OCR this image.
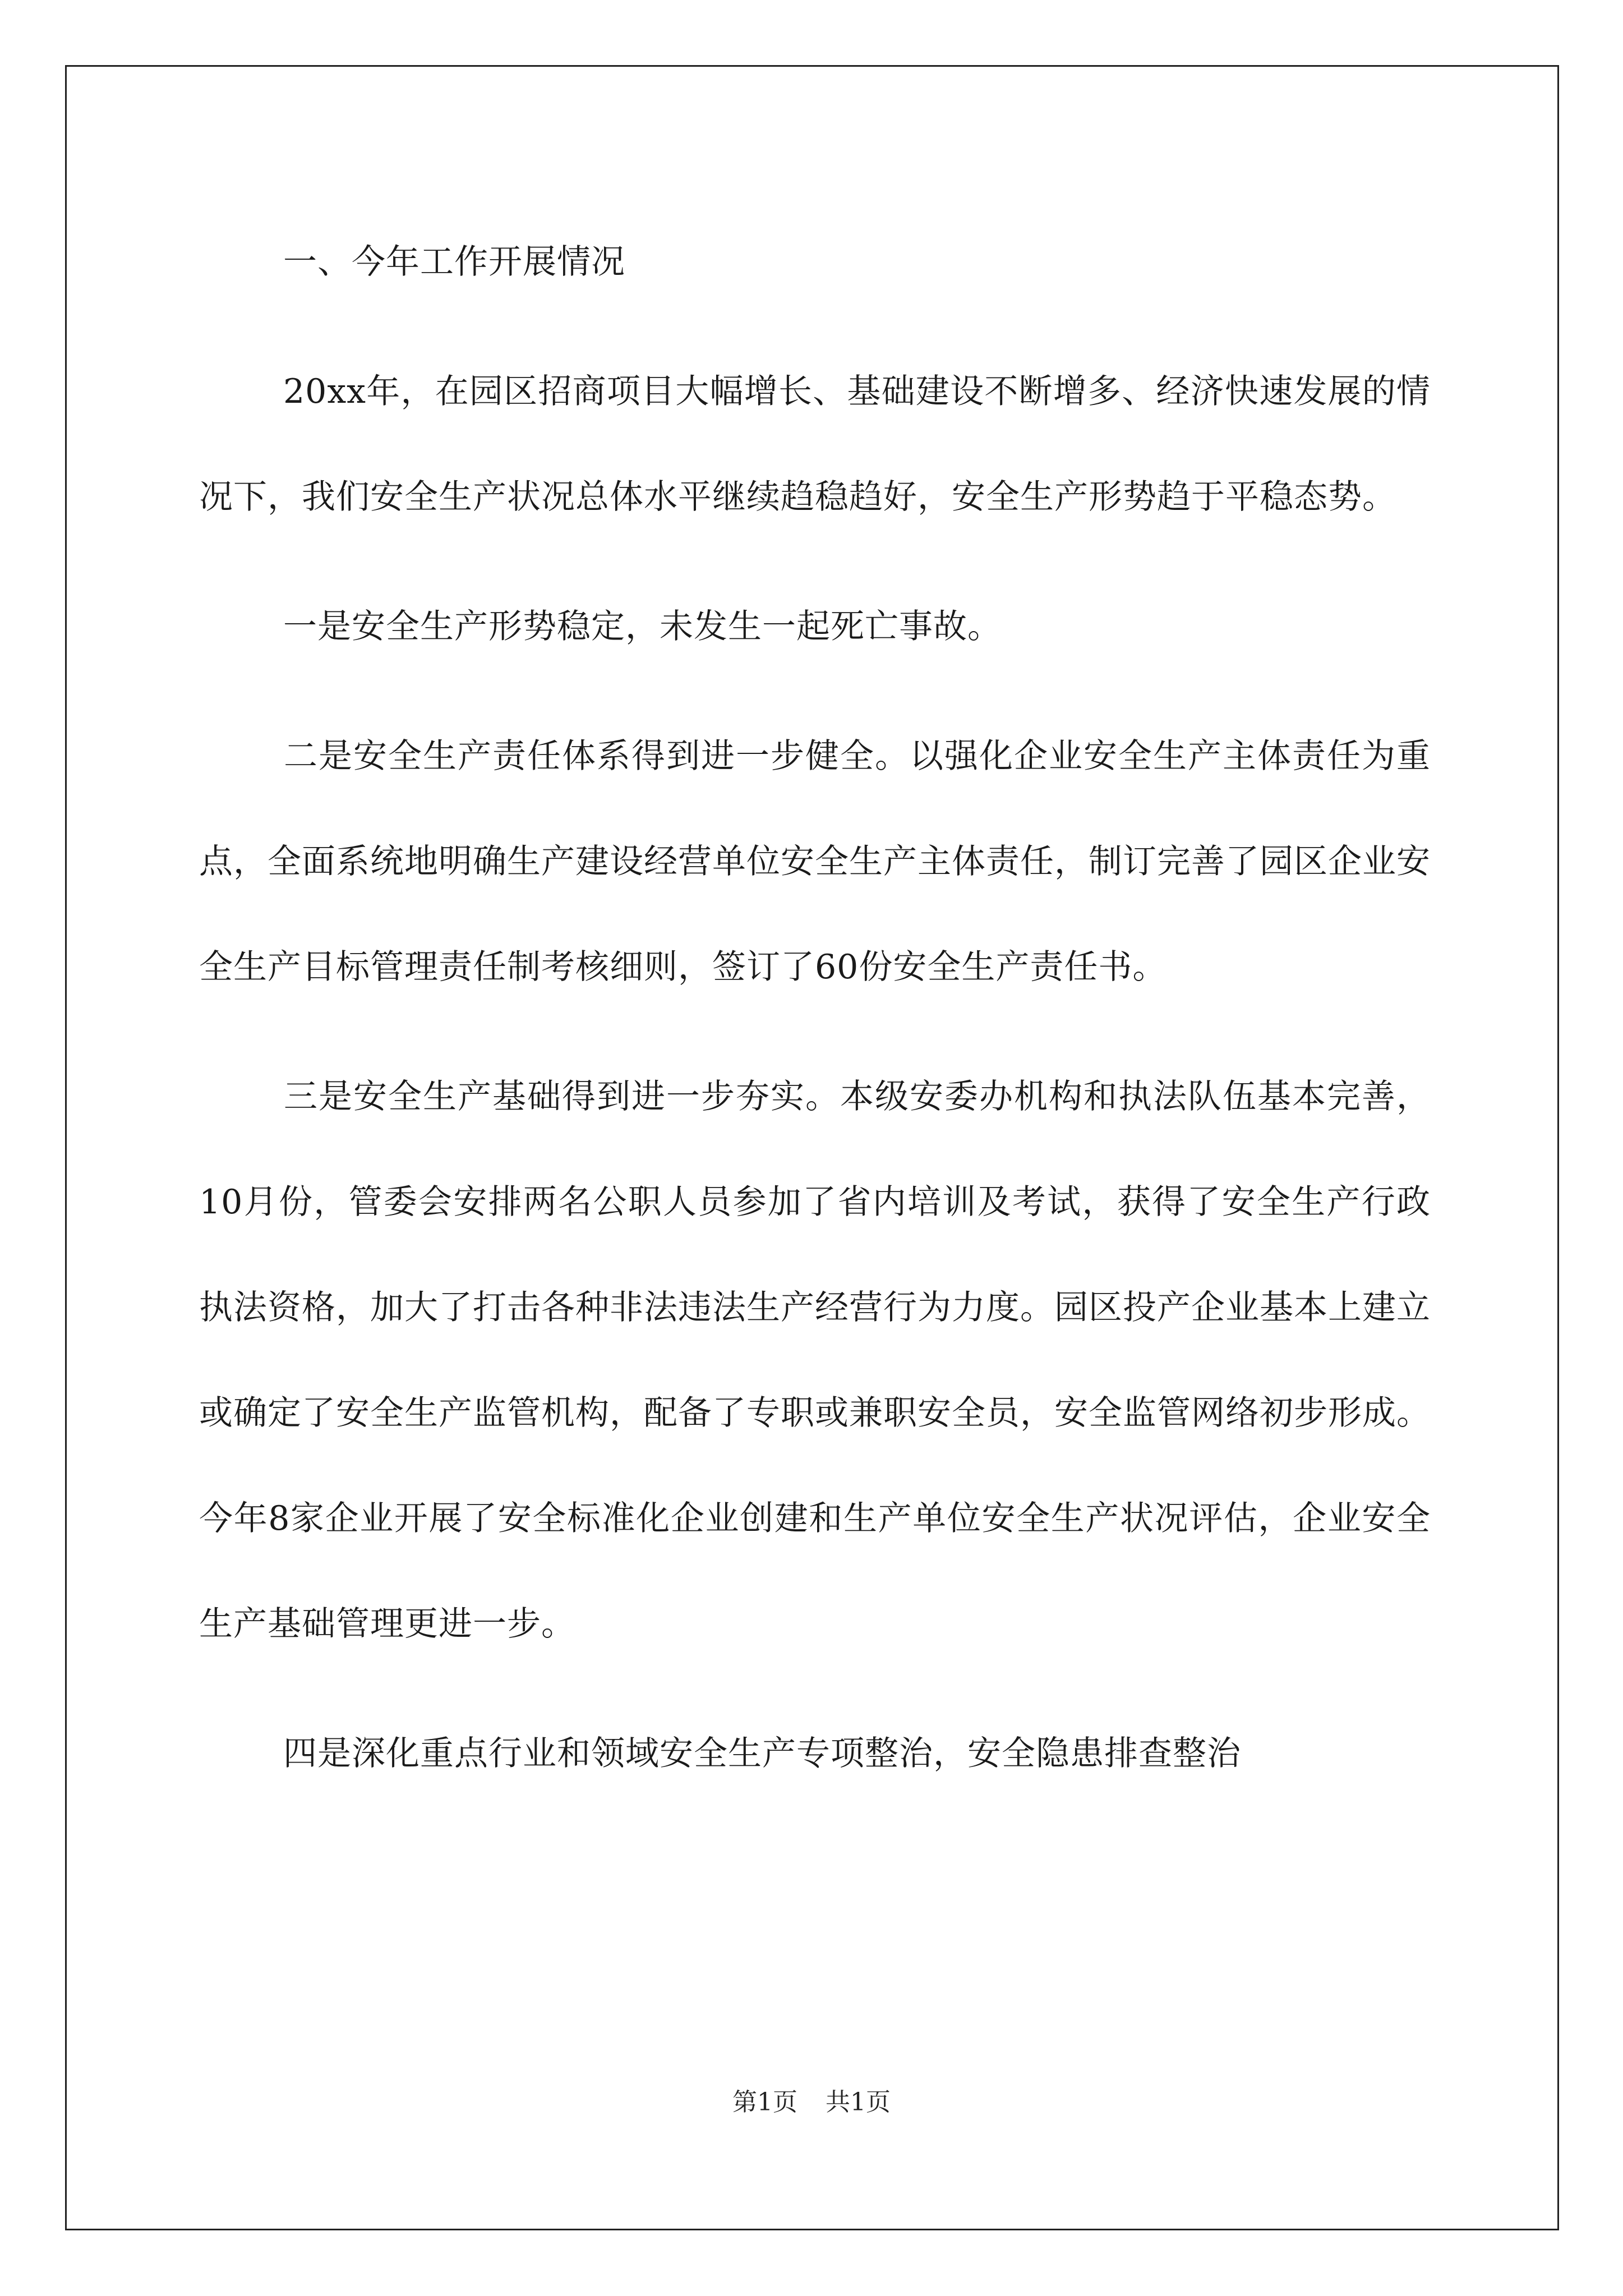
一、今年工作开展情况

20xx年，在园区招商项目大幅增长、基础建设不断增多、经济快速发展的情况下，我们安全生产状况总体水平继续趋稳趋好，安全生产形势趋于平稳态势。

一是安全生产形势稳定，未发生一起死亡事故。

二是安全生产责任体系得到进一步健全。以强化企业安全生产主体责任为重点，全面系统地明确生产建设经营单位安全生产主体责任，制订完善了园区企业安全生产目标管理责任制考核细则，签订了60份安全生产责任书。

三是安全生产基础得到进一步夯实。本级安委办机构和执法队伍基本完善，10月份，管委会安排两名公职人员参加了省内培训及考试，获得了安全生产行政执法资格，加大了打击各种非法违法生产经营行为力度。园区投产企业基本上建立或确定了安全生产监管机构，配备了专职或兼职安全员，安全监管网络初步形成。今年8家企业开展了安全标准化企业创建和生产单位安全生产状况评估，企业安全生产基础管理更进一步。

四是深化重点行业和领域安全生产专项整治，安全隐患排查整治

第1页 共1页
